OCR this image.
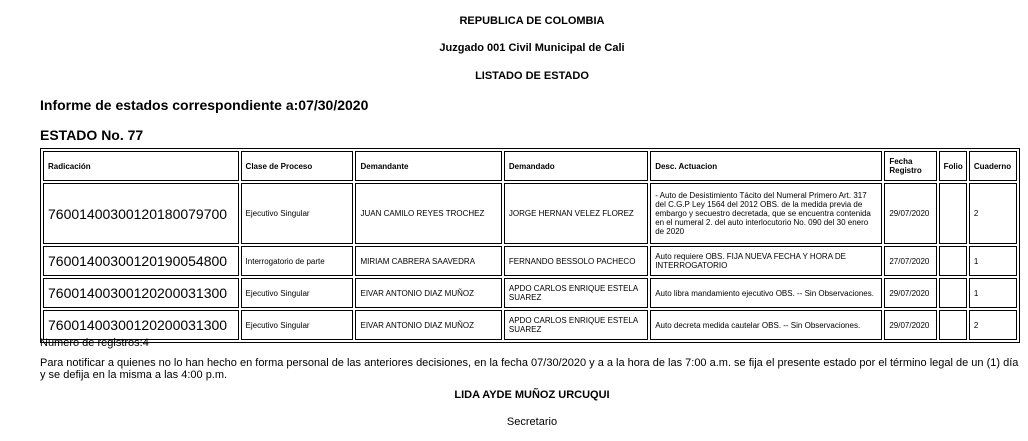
REPUBLICA DE COLOMBIA
Juzgado 001 Civil Municipal de Cali
LISTADO DE ESTADO
Informe de estados correspondiente a:07/30/2020
ESTADO No. 77
Radicación	Clase de Proceso	Demandante	Demandado	Desc. Actuacion	Fecha Registro	Folio	Cuaderno
76001400300120180079700	Ejecutivo Singular	JUAN CAMILO REYES TROCHEZ	JORGE HERNAN VELEZ FLOREZ	- Auto de Desistimiento Tácito del Numeral Primero Art. 317 del C.G.P Ley 1564 del 2012 OBS. de la medida previa de embargo y secuestro decretada, que se encuentra contenida en el numeral 2. del auto interlocutorio No. 090 del 30 enero de 2020	29/07/2020		2
76001400300120190054800	Interrogatorio de parte	MIRIAM CABRERA SAAVEDRA	FERNANDO BESSOLO PACHECO	Auto requiere OBS. FIJA NUEVA FECHA Y HORA DE INTERROGATORIO	27/07/2020		1
76001400300120200031300	Ejecutivo Singular	EIVAR ANTONIO DIAZ MUÑOZ	APDO CARLOS ENRIQUE ESTELA SUAREZ	Auto libra mandamiento ejecutivo OBS. -- Sin Observaciones.	29/07/2020		1
76001400300120200031300	Ejecutivo Singular	EIVAR ANTONIO DIAZ MUÑOZ	APDO CARLOS ENRIQUE ESTELA SUAREZ	Auto decreta medida cautelar OBS. -- Sin Observaciones.	29/07/2020		2
Numero de registros:4
Para notificar a quienes no lo han hecho en forma personal de las anteriores decisiones, en la fecha 07/30/2020 y a a la hora de las 7:00 a.m. se fija el presente estado por el término legal de un (1) día y se defija en la misma a las 4:00 p.m.
LIDA AYDE MUÑOZ URCUQUI
Secretario
